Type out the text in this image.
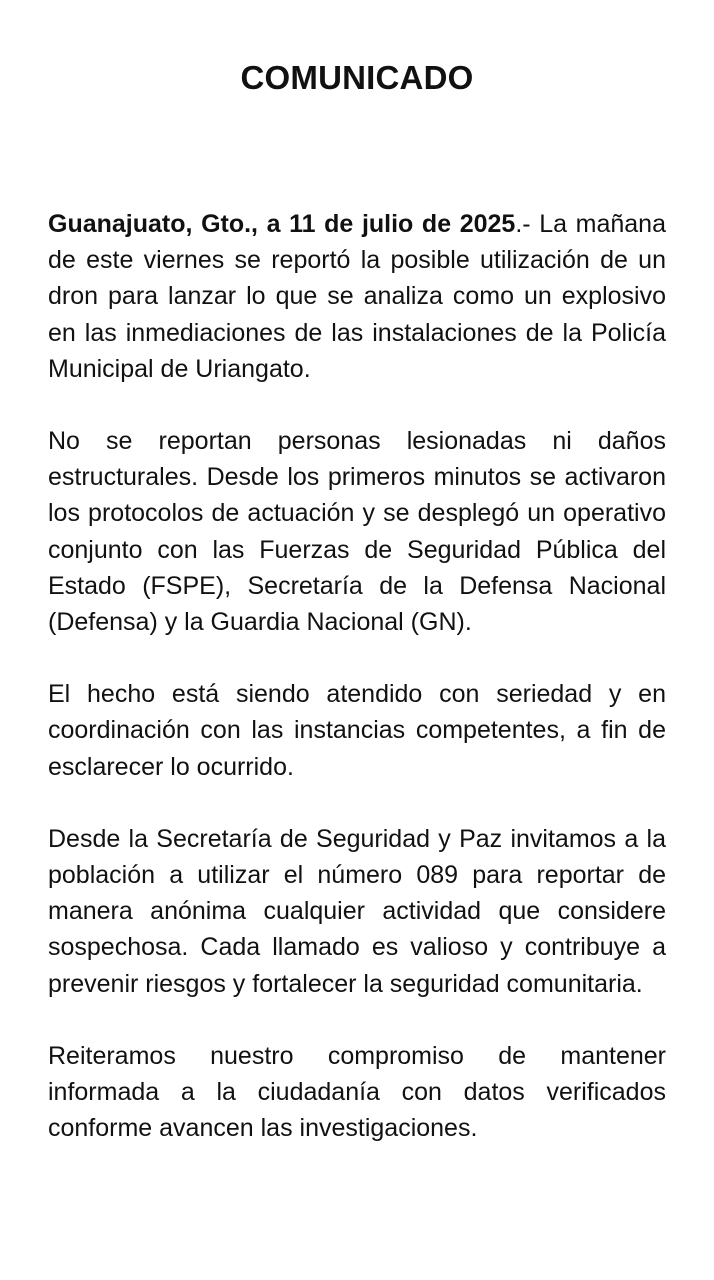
COMUNICADO

Guanajuato, Gto., a 11 de julio de 2025.- La mañana de este viernes se reportó la posible utilización de un dron para lanzar lo que se analiza como un explosivo en las inmediaciones de las instalaciones de la Policía Municipal de Uriangato.

No se reportan personas lesionadas ni daños estructurales. Desde los primeros minutos se activaron los protocolos de actuación y se desplegó un operativo conjunto con las Fuerzas de Seguridad Pública del Estado (FSPE), Secretaría de la Defensa Nacional (Defensa) y la Guardia Nacional (GN).

El hecho está siendo atendido con seriedad y en coordinación con las instancias competentes, a fin de esclarecer lo ocurrido.

Desde la Secretaría de Seguridad y Paz invitamos a la población a utilizar el número 089 para reportar de manera anónima cualquier actividad que considere sospechosa. Cada llamado es valioso y contribuye a prevenir riesgos y fortalecer la seguridad comunitaria.

Reiteramos nuestro compromiso de mantener informada a la ciudadanía con datos verificados conforme avancen las investigaciones.
